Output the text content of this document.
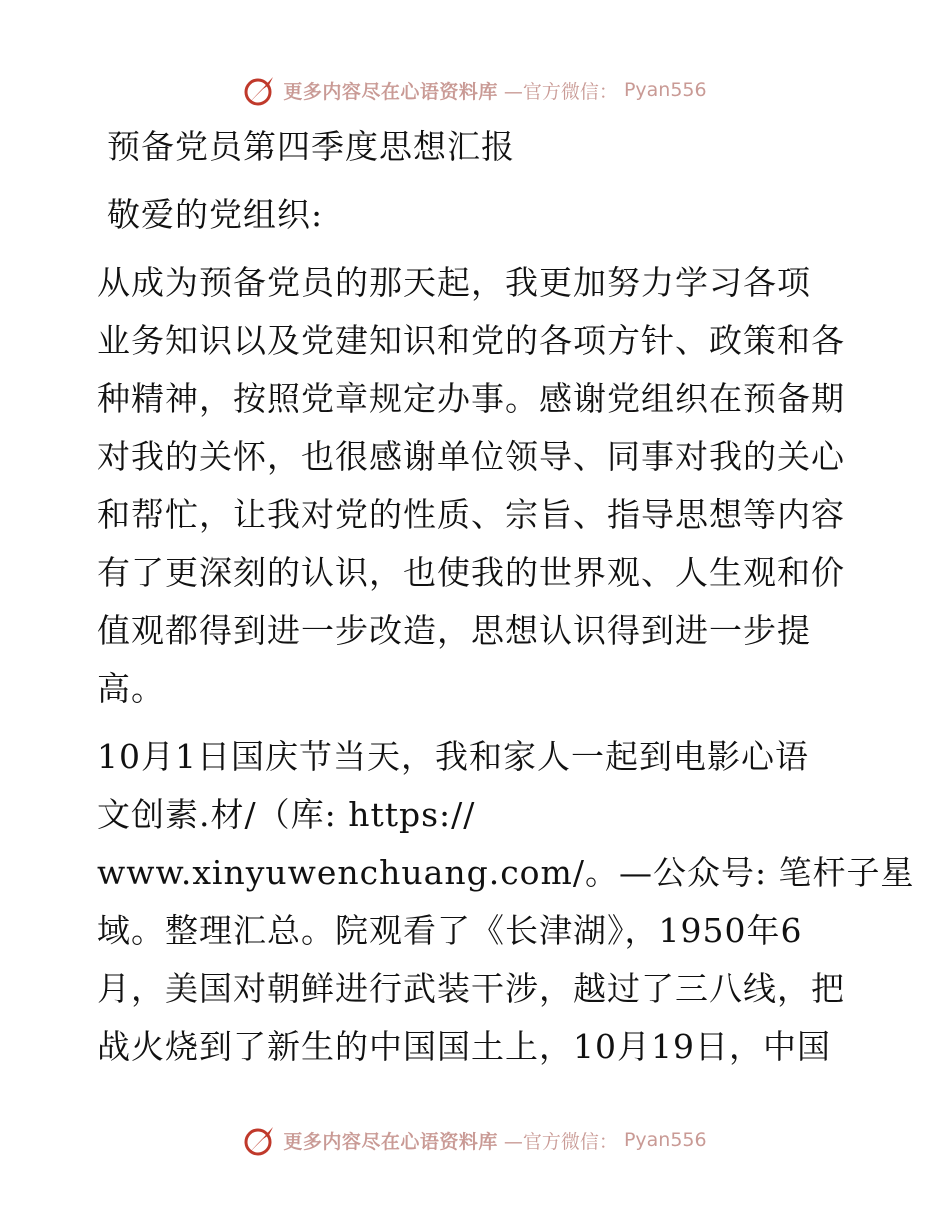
更多内容尽在心语资料库 —官方微信： Pyan556
预备党员第四季度思想汇报
敬爱的党组织:
从成为预备党员的那天起，我更加努力学习各项
业务知识以及党建知识和党的各项方针、政策和各
种精神，按照党章规定办事。感谢党组织在预备期
对我的关怀，也很感谢单位领导、同事对我的关心
和帮忙，让我对党的性质、宗旨、指导思想等内容
有了更深刻的认识，也使我的世界观、人生观和价
值观都得到进一步改造，思想认识得到进一步提
高。
10月1日国庆节当天，我和家人一起到电影心语
文创素.材/（库: https://
www.xinyuwenchuang.com/。—公众号: 笔杆子星
域。整理汇总。院观看了《长津湖》，1950年6
月，美国对朝鲜进行武装干涉，越过了三八线，把
战火烧到了新生的中国国土上，10月19日，中国
更多内容尽在心语资料库 —官方微信： Pyan556
